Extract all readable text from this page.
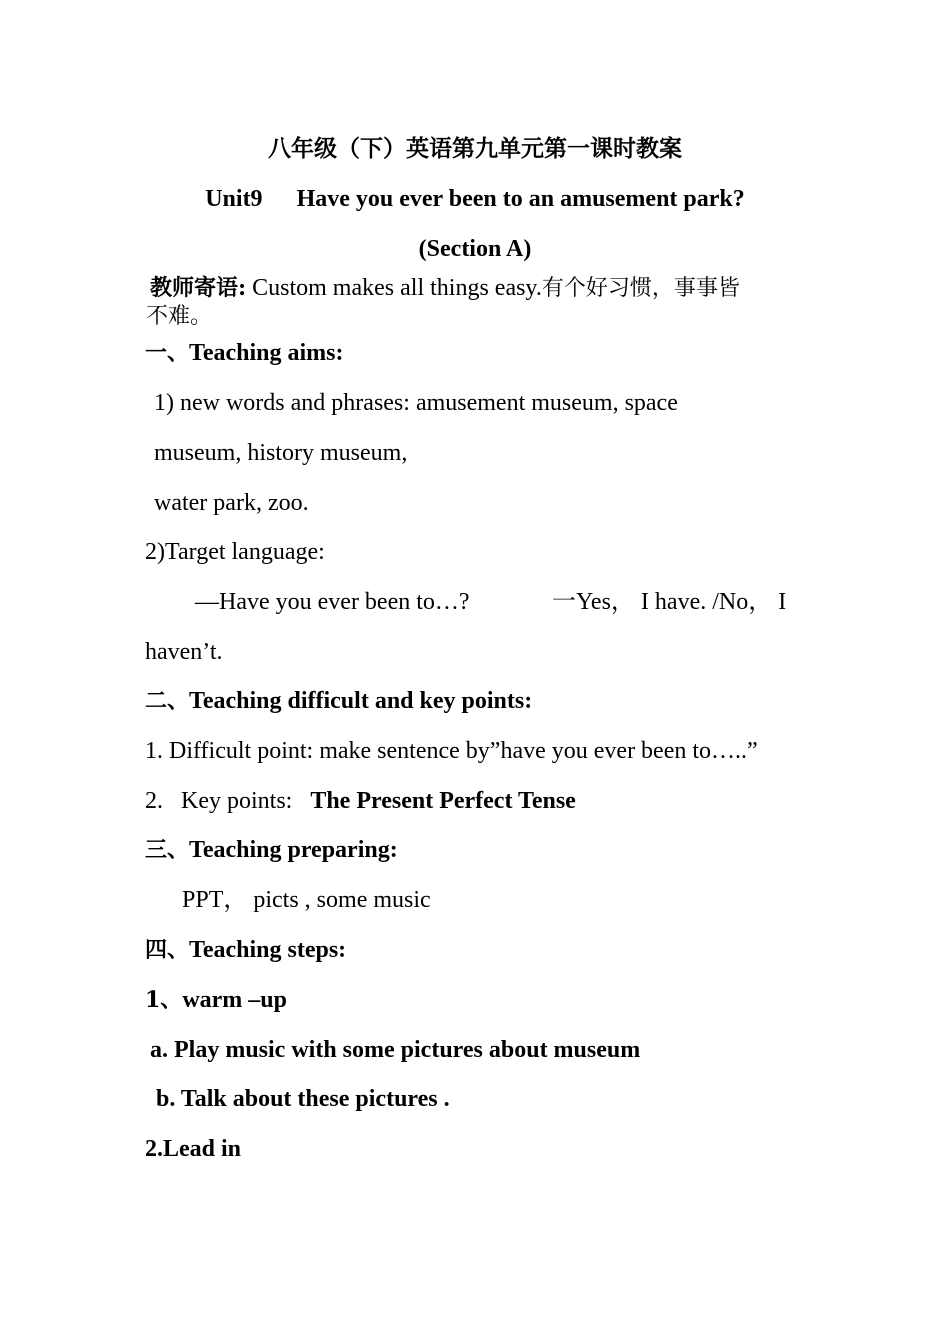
八年级（下）英语第九单元第一课时教案
Unit9 Have you ever been to an amusement park?
(Section A)
教师寄语: Custom makes all things easy.有个好习惯，事事皆
不难。
一、Teaching aims:
1) new words and phrases: amusement museum, space
museum, history museum,
water park, zoo.
2)Target language:
—Have you ever been to…?	一Yes， I have. /No， I
haven’t.
二、Teaching difficult and key points:
1. Difficult point: make sentence by”have you ever been to…..”
2.   Key points:   The Present Perfect Tense
三、Teaching preparing:
PPT， picts , some music
四、Teaching steps:
1、warm –up
a. Play music with some pictures about museum
b. Talk about these pictures .
2.Lead in
